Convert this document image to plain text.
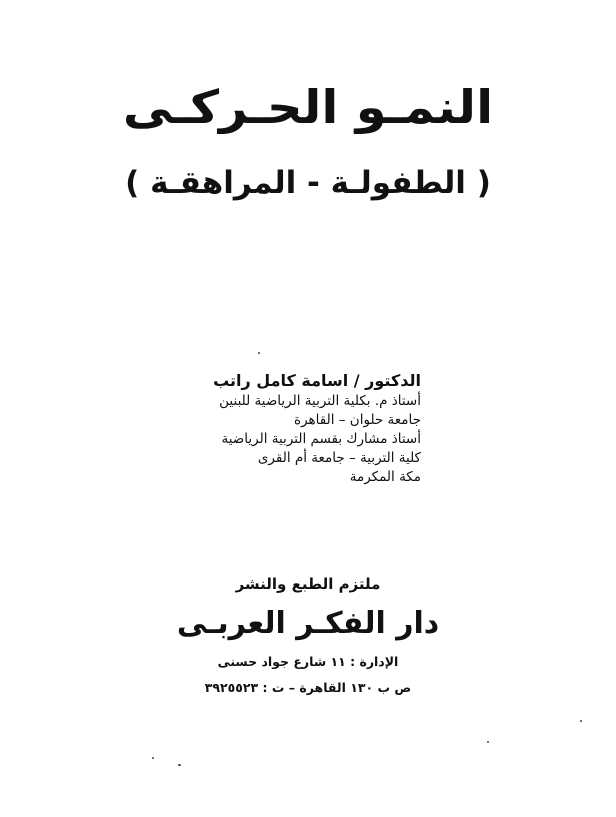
النمـو الحـركـى
( الطفولـة - المراهقـة )
الدكتور / اسامة كامل راتب
أستاذ م. بكلية التربية الرياضية للبنين
جامعة حلوان – القاهرة
أستاذ مشارك بقسم التربية الرياضية
كلية التربية – جامعة أم القرى
مكة المكرمة
ملتزم الطبع والنشر
دار الفكـر العربـى
الإدارة : ١١ شارع جواد حسنى
ص ب ١٣٠ القاهرة – ت : ٣٩٢٥٥٢٣
